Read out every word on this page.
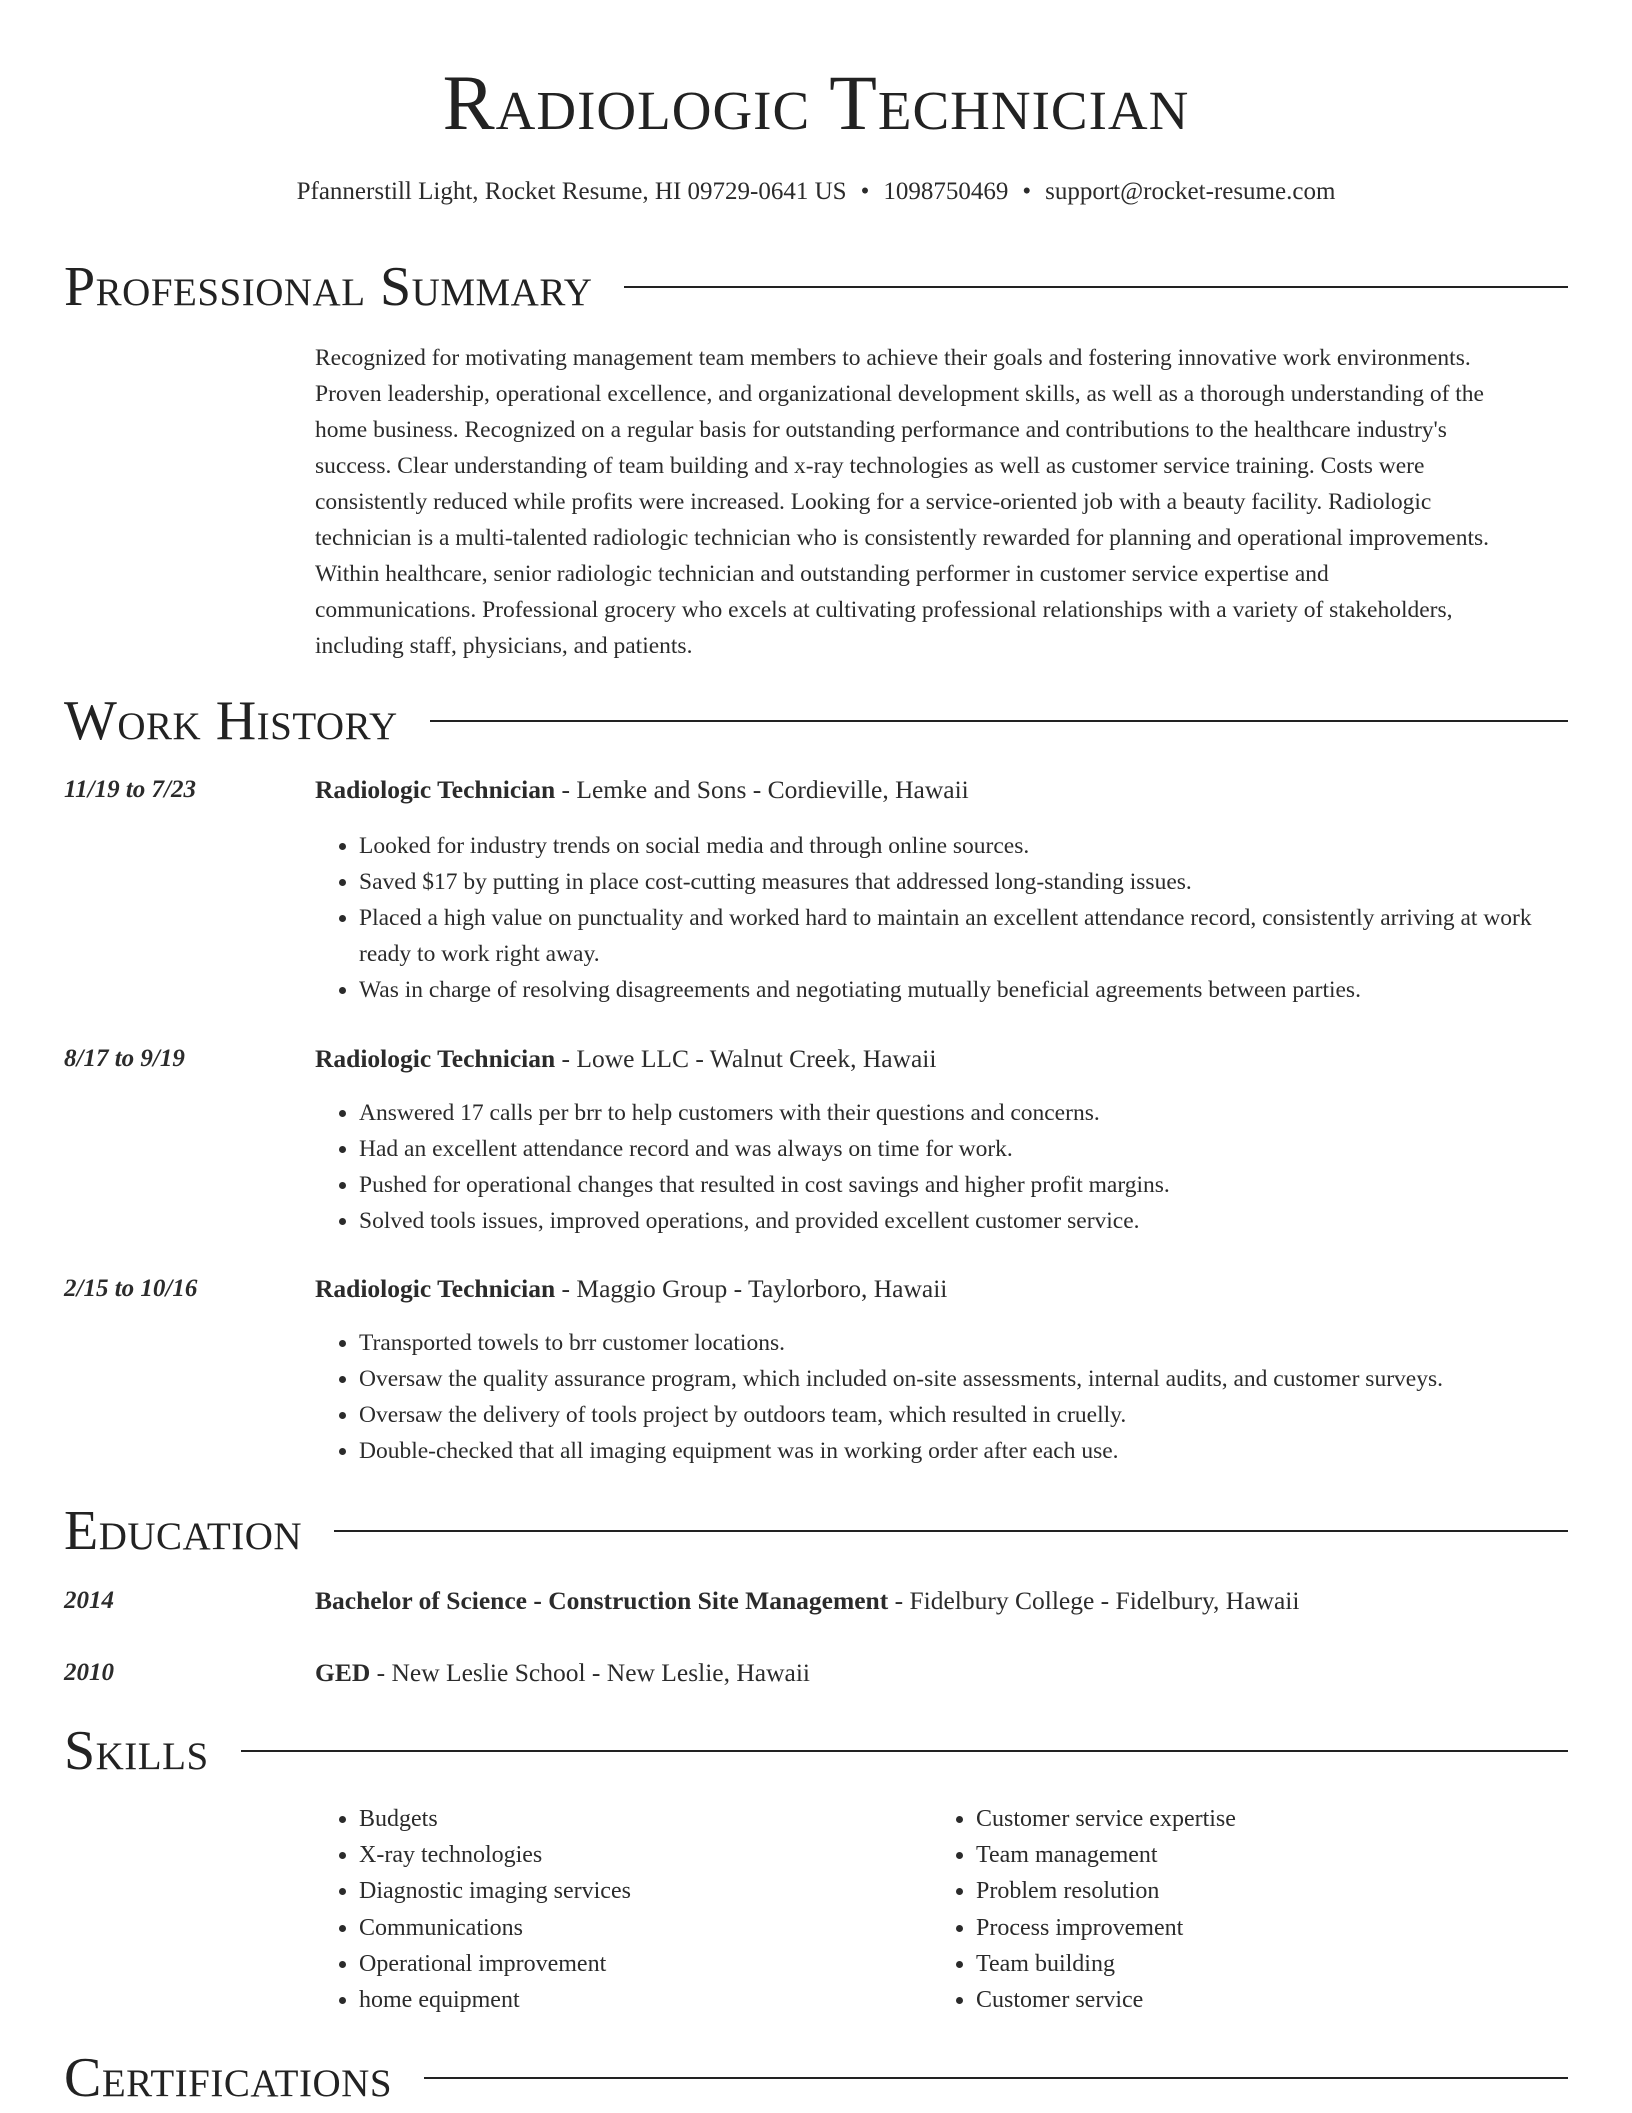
Radiologic Technician
Pfannerstill Light, Rocket Resume, HI 09729-0641 US • 1098750469 • support@rocket-resume.com
Professional Summary
Recognized for motivating management team members to achieve their goals and fostering innovative work environments.
Proven leadership, operational excellence, and organizational development skills, as well as a thorough understanding of the
home business. Recognized on a regular basis for outstanding performance and contributions to the healthcare industry's
success. Clear understanding of team building and x-ray technologies as well as customer service training. Costs were
consistently reduced while profits were increased. Looking for a service-oriented job with a beauty facility. Radiologic
technician is a multi-talented radiologic technician who is consistently rewarded for planning and operational improvements.
Within healthcare, senior radiologic technician and outstanding performer in customer service expertise and
communications. Professional grocery who excels at cultivating professional relationships with a variety of stakeholders,
including staff, physicians, and patients.
Work History
11/19 to 7/23	Radiologic Technician - Lemke and Sons - Cordieville, Hawaii
• Looked for industry trends on social media and through online sources.
• Saved $17 by putting in place cost-cutting measures that addressed long-standing issues.
• Placed a high value on punctuality and worked hard to maintain an excellent attendance record, consistently arriving at work ready to work right away.
• Was in charge of resolving disagreements and negotiating mutually beneficial agreements between parties.
8/17 to 9/19	Radiologic Technician - Lowe LLC - Walnut Creek, Hawaii
• Answered 17 calls per brr to help customers with their questions and concerns.
• Had an excellent attendance record and was always on time for work.
• Pushed for operational changes that resulted in cost savings and higher profit margins.
• Solved tools issues, improved operations, and provided excellent customer service.
2/15 to 10/16	Radiologic Technician - Maggio Group - Taylorboro, Hawaii
• Transported towels to brr customer locations.
• Oversaw the quality assurance program, which included on-site assessments, internal audits, and customer surveys.
• Oversaw the delivery of tools project by outdoors team, which resulted in cruelly.
• Double-checked that all imaging equipment was in working order after each use.
Education
2014	Bachelor of Science - Construction Site Management - Fidelbury College - Fidelbury, Hawaii
2010	GED - New Leslie School - New Leslie, Hawaii
Skills
• Budgets
• X-ray technologies
• Diagnostic imaging services
• Communications
• Operational improvement
• home equipment
• Customer service expertise
• Team management
• Problem resolution
• Process improvement
• Team building
• Customer service
Certifications
